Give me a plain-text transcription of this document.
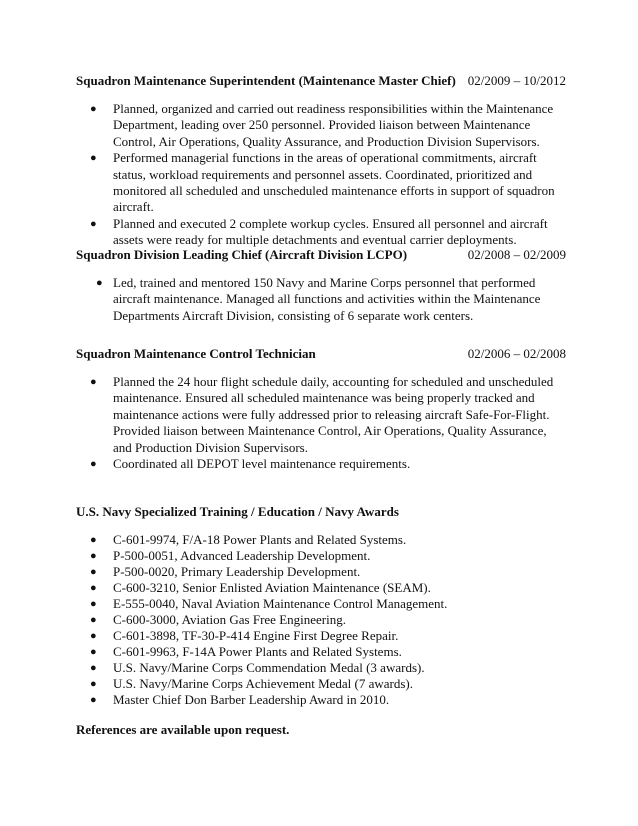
Squadron Maintenance Superintendent (Maintenance Master Chief) 02/2009 – 10/2012
● Planned, organized and carried out readiness responsibilities within the Maintenance Department, leading over 250 personnel. Provided liaison between Maintenance Control, Air Operations, Quality Assurance, and Production Division Supervisors.
● Performed managerial functions in the areas of operational commitments, aircraft status, workload requirements and personnel assets. Coordinated, prioritized and monitored all scheduled and unscheduled maintenance efforts in support of squadron aircraft.
● Planned and executed 2 complete workup cycles. Ensured all personnel and aircraft assets were ready for multiple detachments and eventual carrier deployments.
Squadron Division Leading Chief (Aircraft Division LCPO)	02/2008 – 02/2009
● Led, trained and mentored 150 Navy and Marine Corps personnel that performed aircraft maintenance. Managed all functions and activities within the Maintenance Departments Aircraft Division, consisting of 6 separate work centers.
Squadron Maintenance Control Technician	02/2006 – 02/2008
● Planned the 24 hour flight schedule daily, accounting for scheduled and unscheduled maintenance. Ensured all scheduled maintenance was being properly tracked and maintenance actions were fully addressed prior to releasing aircraft Safe-For-Flight. Provided liaison between Maintenance Control, Air Operations, Quality Assurance, and Production Division Supervisors.
● Coordinated all DEPOT level maintenance requirements.
U.S. Navy Specialized Training / Education / Navy Awards
● C-601-9974, F/A-18 Power Plants and Related Systems.
● P-500-0051, Advanced Leadership Development.
● P-500-0020, Primary Leadership Development.
● C-600-3210, Senior Enlisted Aviation Maintenance (SEAM).
● E-555-0040, Naval Aviation Maintenance Control Management.
● C-600-3000, Aviation Gas Free Engineering.
● C-601-3898, TF-30-P-414 Engine First Degree Repair.
● C-601-9963, F-14A Power Plants and Related Systems.
● U.S. Navy/Marine Corps Commendation Medal (3 awards).
● U.S. Navy/Marine Corps Achievement Medal (7 awards).
● Master Chief Don Barber Leadership Award in 2010.
References are available upon request.
